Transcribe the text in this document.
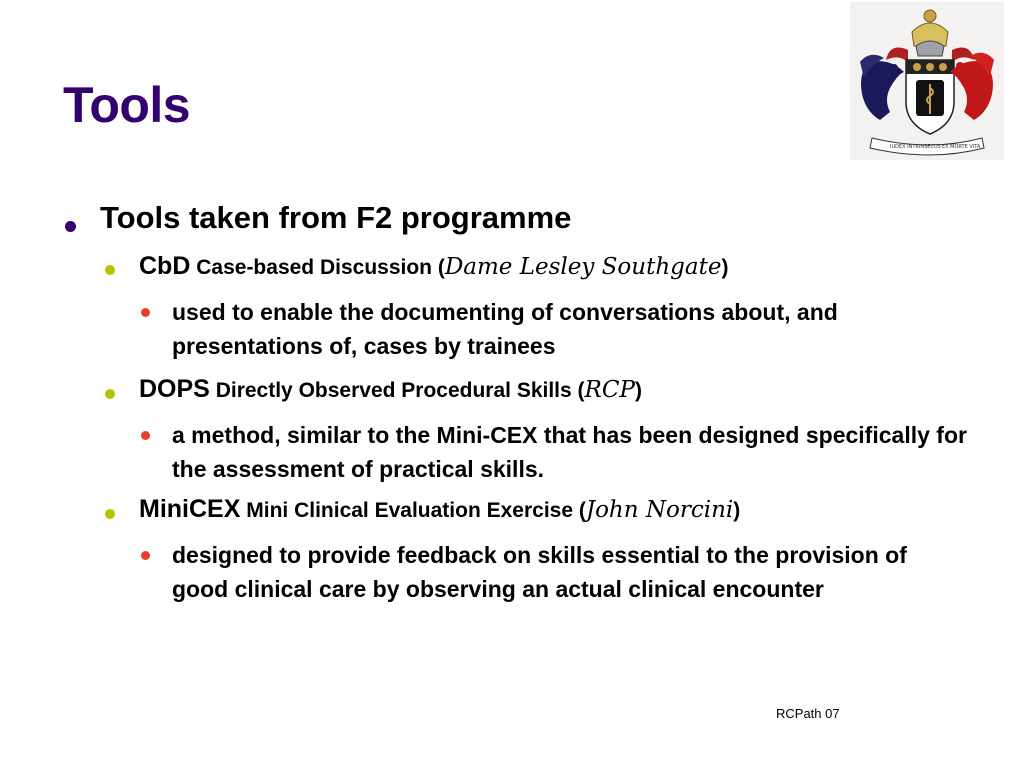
Tools
IUDEX INTRINSECUS EX MORTE VITA
Tools taken from F2 programme
CbD Case-based Discussion (Dame Lesley Southgate)
used to enable the documenting of conversations about, and presentations of, cases by trainees
DOPS Directly Observed Procedural Skills (RCP)
a method, similar to the Mini-CEX that has been designed specifically for the assessment of practical skills.
MiniCEX Mini Clinical Evaluation Exercise (John Norcini)
designed to provide feedback on skills essential to the provision of good clinical care by observing an actual clinical encounter
RCPath 07
